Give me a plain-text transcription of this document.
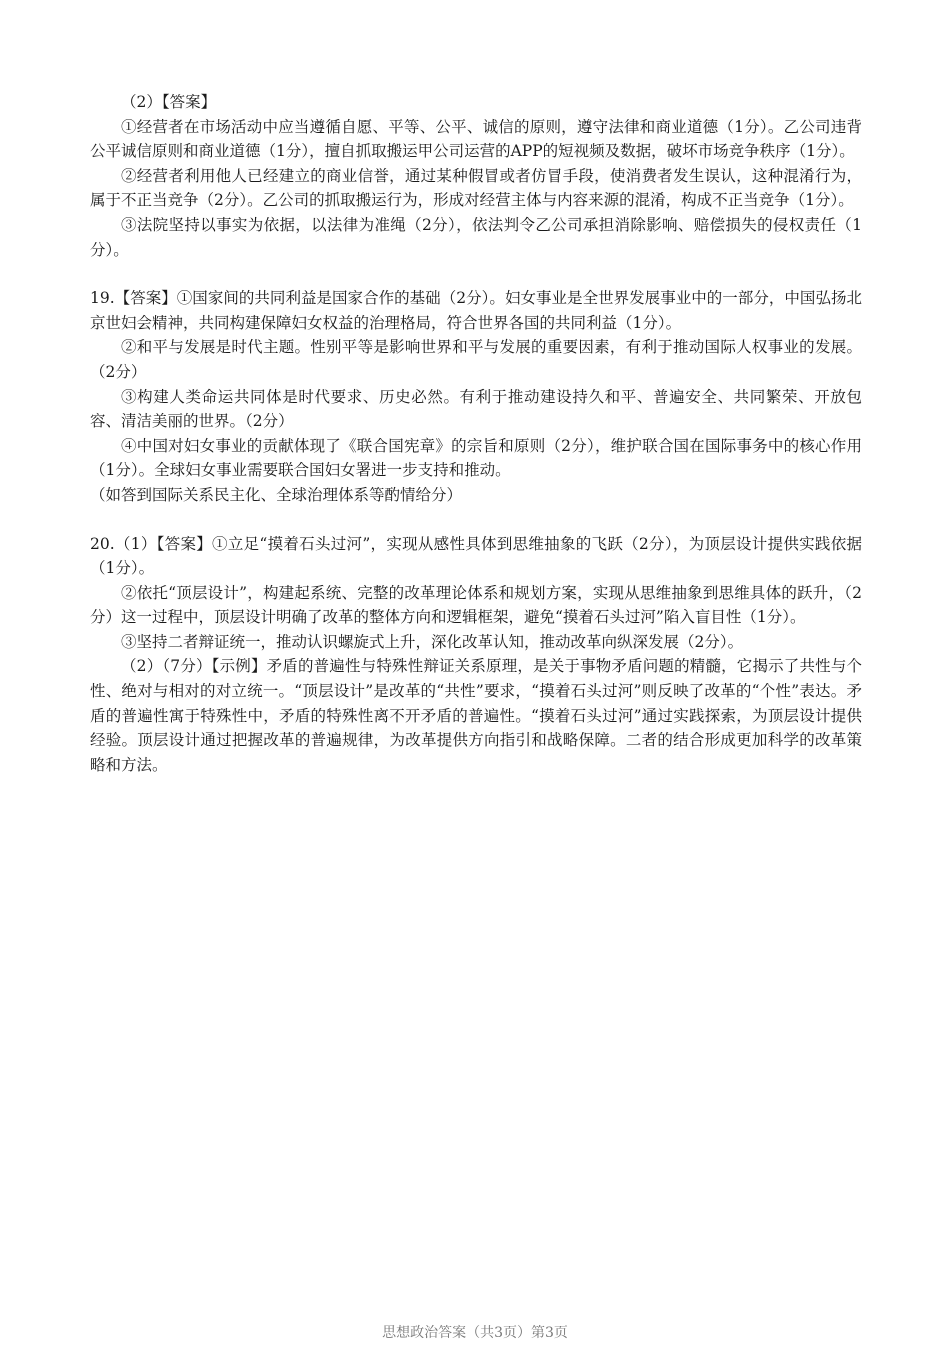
（2）【答案】

①经营者在市场活动中应当遵循自愿、平等、公平、诚信的原则，遵守法律和商业道德（1分）。乙公司违背公平诚信原则和商业道德（1分），擅自抓取搬运甲公司运营的APP的短视频及数据，破坏市场竞争秩序（1分）。

②经营者利用他人已经建立的商业信誉，通过某种假冒或者仿冒手段，使消费者发生误认，这种混淆行为，属于不正当竞争（2分）。乙公司的抓取搬运行为，形成对经营主体与内容来源的混淆，构成不正当竞争（1分）。

③法院坚持以事实为依据，以法律为准绳（2分），依法判令乙公司承担消除影响、赔偿损失的侵权责任（1分）。

19.【答案】①国家间的共同利益是国家合作的基础（2分）。妇女事业是全世界发展事业中的一部分，中国弘扬北京世妇会精神，共同构建保障妇女权益的治理格局，符合世界各国的共同利益（1分）。

②和平与发展是时代主题。性别平等是影响世界和平与发展的重要因素，有利于推动国际人权事业的发展。（2分）

③构建人类命运共同体是时代要求、历史必然。有利于推动建设持久和平、普遍安全、共同繁荣、开放包容、清洁美丽的世界。（2分）

④中国对妇女事业的贡献体现了《联合国宪章》的宗旨和原则（2分），维护联合国在国际事务中的核心作用（1分）。全球妇女事业需要联合国妇女署进一步支持和推动。

（如答到国际关系民主化、全球治理体系等酌情给分）

20.（1）【答案】①立足“摸着石头过河”，实现从感性具体到思维抽象的飞跃（2分），为顶层设计提供实践依据（1分）。

②依托“顶层设计”，构建起系统、完整的改革理论体系和规划方案，实现从思维抽象到思维具体的跃升，（2分）这一过程中，顶层设计明确了改革的整体方向和逻辑框架，避免“摸着石头过河”陷入盲目性（1分）。

③坚持二者辩证统一，推动认识螺旋式上升，深化改革认知，推动改革向纵深发展（2分）。

（2）（7分）【示例】矛盾的普遍性与特殊性辩证关系原理，是关于事物矛盾问题的精髓，它揭示了共性与个性、绝对与相对的对立统一。“顶层设计”是改革的“共性”要求，“摸着石头过河”则反映了改革的“个性”表达。矛盾的普遍性寓于特殊性中，矛盾的特殊性离不开矛盾的普遍性。“摸着石头过河”通过实践探索，为顶层设计提供经验。顶层设计通过把握改革的普遍规律，为改革提供方向指引和战略保障。二者的结合形成更加科学的改革策略和方法。

思想政治答案（共3页）第3页
